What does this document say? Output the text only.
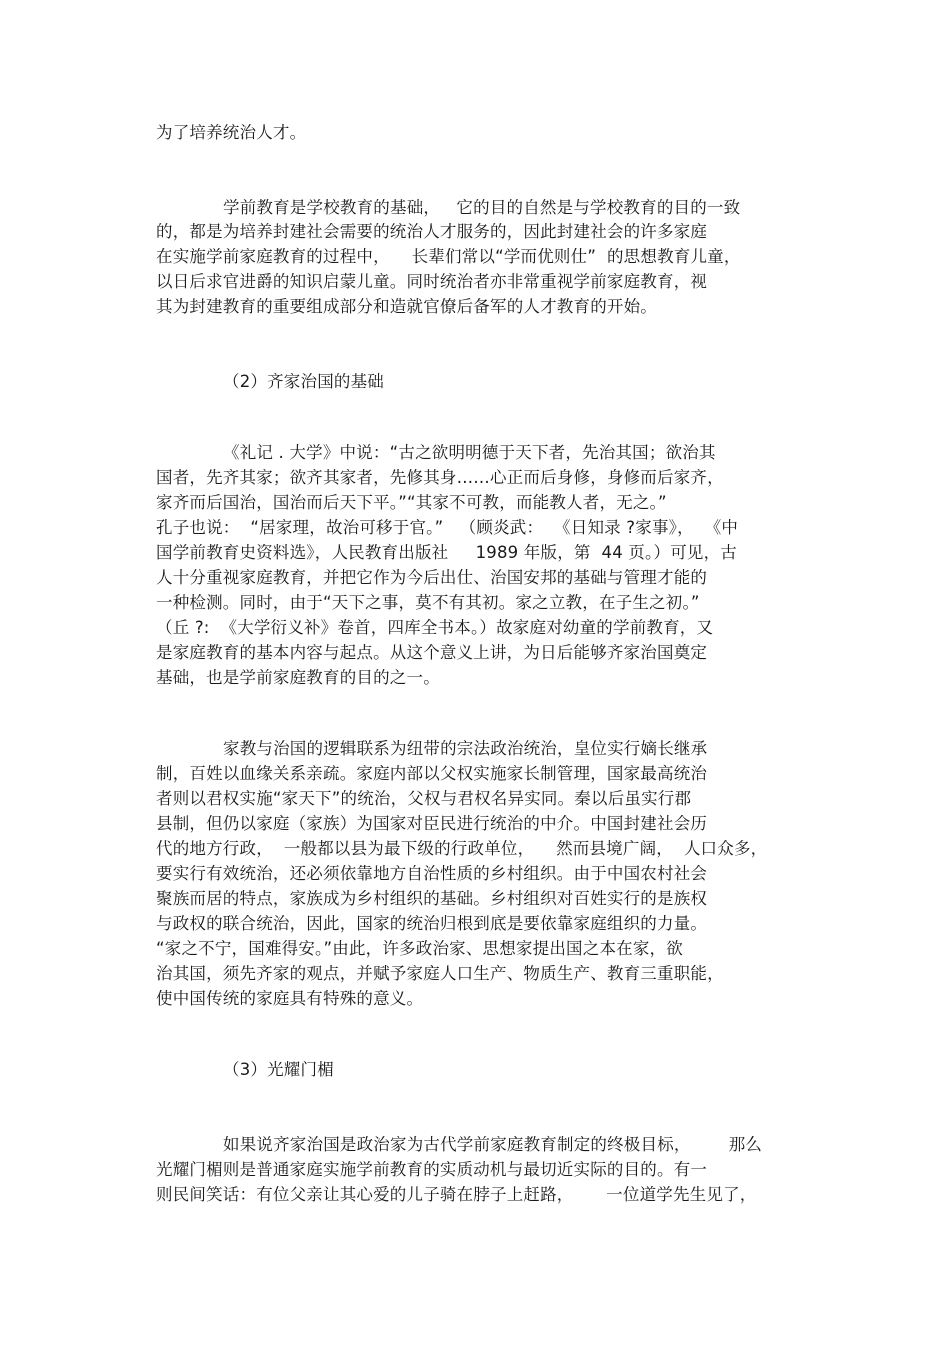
为了培养统治人才。
学前教育是学校教育的基础，   它的目的自然是与学校教育的目的一致
的，都是为培养封建社会需要的统治人才服务的，因此封建社会的许多家庭
在实施学前家庭教育的过程中，    长辈们常以“学而优则仕”  的思想教育儿童，
以日后求官进爵的知识启蒙儿童。同时统治者亦非常重视学前家庭教育，视
其为封建教育的重要组成部分和造就官僚后备军的人才教育的开始。
（2）齐家治国的基础
《礼记 . 大学》中说：“古之欲明明德于天下者，先治其国；欲治其
国者，先齐其家；欲齐其家者，先修其身……心正而后身修，身修而后家齐，
家齐而后国治，国治而后天下平。”“其家不可教，而能教人者，无之。”
孔子也说：  “居家理，故治可移于官。”   （顾炎武：  《日知录 ?家事》，  《中
国学前教育史资料选》，人民教育出版社     1989 年版，第  44 页。）可见，古
人十分重视家庭教育，并把它作为今后出仕、治国安邦的基础与管理才能的
一种检测。同时，由于“天下之事，莫不有其初。家之立教，在子生之初。”
（丘 ?:  《大学衍义补》卷首，四库全书本。）故家庭对幼童的学前教育，又
是家庭教育的基本内容与起点。从这个意义上讲，为日后能够齐家治国奠定
基础，也是学前家庭教育的目的之一。
家教与治国的逻辑联系为纽带的宗法政治统治，皇位实行嫡长继承
制，百姓以血缘关系亲疏。家庭内部以父权实施家长制管理，国家最高统治
者则以君权实施“家天下”的统治，父权与君权名异实同。秦以后虽实行郡
县制，但仍以家庭（家族）为国家对臣民进行统治的中介。中国封建社会历
代的地方行政，  一般都以县为最下级的行政单位，    然而县境广阔，  人口众多，
要实行有效统治，还必须依靠地方自治性质的乡村组织。由于中国农村社会
聚族而居的特点，家族成为乡村组织的基础。乡村组织对百姓实行的是族权
与政权的联合统治，因此，国家的统治归根到底是要依靠家庭组织的力量。
“家之不宁，国难得安。”由此，许多政治家、思想家提出国之本在家，欲
治其国，须先齐家的观点，并赋予家庭人口生产、物质生产、教育三重职能，
使中国传统的家庭具有特殊的意义。
（3）光耀门楣
如果说齐家治国是政治家为古代学前家庭教育制定的终极目标，       那么
光耀门楣则是普通家庭实施学前教育的实质动机与最切近实际的目的。有一
则民间笑话：有位父亲让其心爱的儿子骑在脖子上赶路，      一位道学先生见了，
